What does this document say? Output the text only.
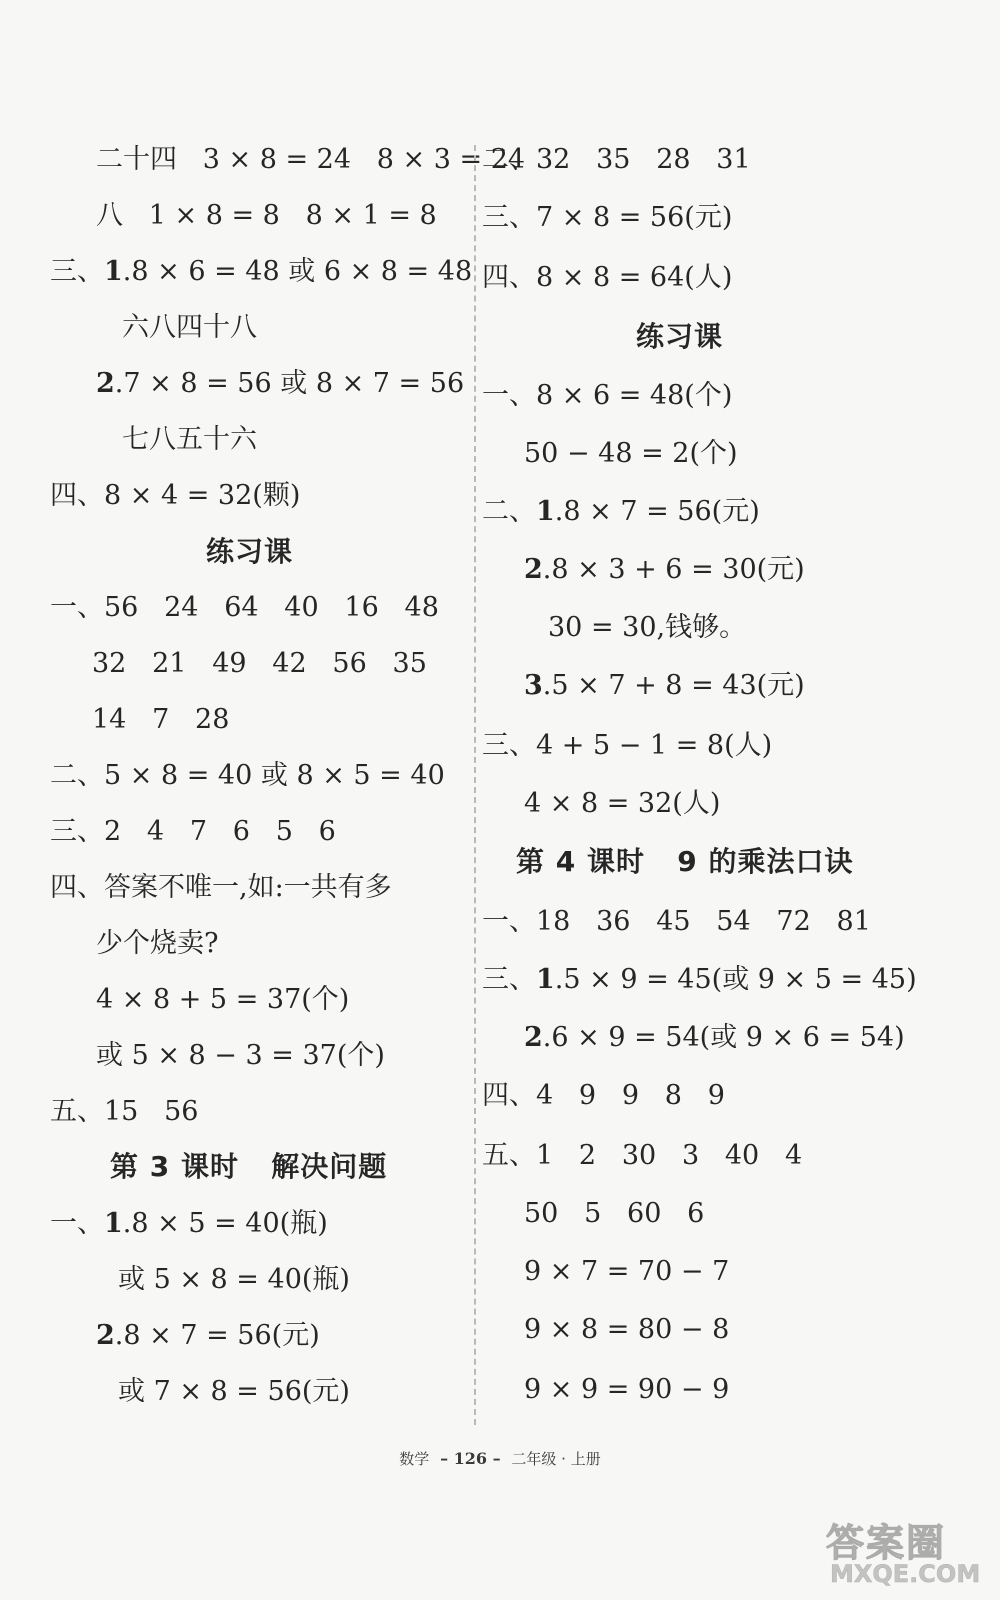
二十四   3 × 8 = 24   8 × 3 = 24
八   1 × 8 = 8   8 × 1 = 8
三、1.8 × 6 = 48 或 6 × 8 = 48
六八四十八
2.7 × 8 = 56 或 8 × 7 = 56
七八五十六
四、8 × 4 = 32(颗)
练习课
一、56   24   64   40   16   48
32   21   49   42   56   35
14   7   28
二、5 × 8 = 40 或 8 × 5 = 40
三、2   4   7   6   5   6
四、答案不唯一,如:一共有多
少个烧卖?
4 × 8 + 5 = 37(个)
或 5 × 8 − 3 = 37(个)
五、15   56
第 3 课时   解决问题
一、1.8 × 5 = 40(瓶)
或 5 × 8 = 40(瓶)
2.8 × 7 = 56(元)
或 7 × 8 = 56(元)
二、32   35   28   31
三、7 × 8 = 56(元)
四、8 × 8 = 64(人)
练习课
一、8 × 6 = 48(个)
50 − 48 = 2(个)
二、1.8 × 7 = 56(元)
2.8 × 3 + 6 = 30(元)
30 = 30,钱够。
3.5 × 7 + 8 = 43(元)
三、4 + 5 − 1 = 8(人)
4 × 8 = 32(人)
第 4 课时   9 的乘法口诀
一、18   36   45   54   72   81
三、1.5 × 9 = 45(或 9 × 5 = 45)
2.6 × 9 = 54(或 9 × 6 = 54)
四、4   9   9   8   9
五、1   2   30   3   40   4
50   5   60   6
9 × 7 = 70 − 7
9 × 8 = 80 − 8
9 × 9 = 90 − 9
数学 – 126 – 二年级 · 上册
答案圈
MXQE.COM
